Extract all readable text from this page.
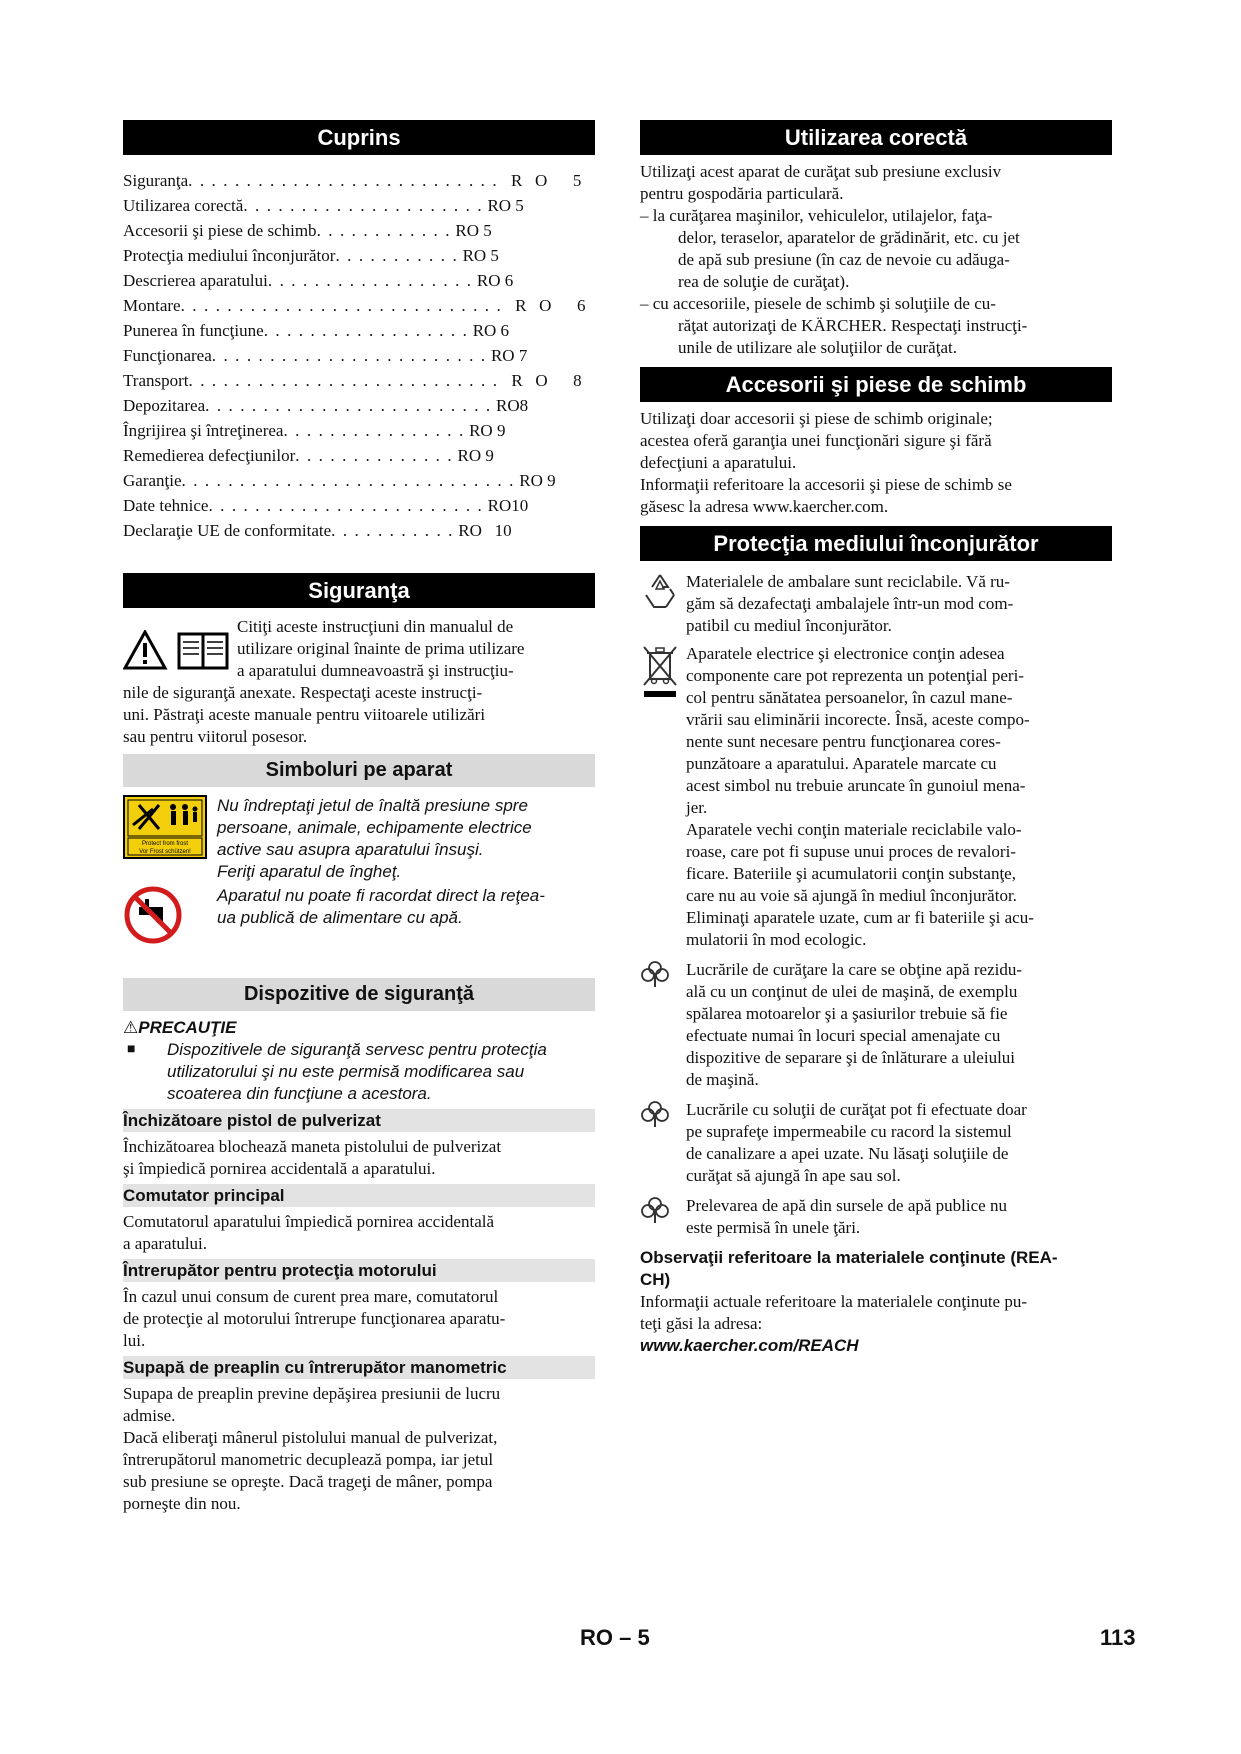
Cuprins
Siguranţa . . . . . . . . . . . . . . . . . . . . . . . . . . . R   O      5
Utilizarea corectă . . . . . . . . . . . . . . . . . . . . . RO 5
Accesorii şi piese de schimb . . . . . . . . . . . . RO 5
Protecţia mediului înconjurător . . . . . . . . . . . RO 5
Descrierea aparatului . . . . . . . . . . . . . . . . . . RO 6
Montare . . . . . . . . . . . . . . . . . . . . . . . . . . . . R   O      6
Punerea în funcţiune . . . . . . . . . . . . . . . . . . RO 6
Funcţionarea . . . . . . . . . . . . . . . . . . . . . . . . RO 7
Transport . . . . . . . . . . . . . . . . . . . . . . . . . . . R   O      8
Depozitarea . . . . . . . . . . . . . . . . . . . . . . . . . RO8
Îngrijirea şi întreţinerea . . . . . . . . . . . . . . . . RO 9
Remedierea defecţiunilor . . . . . . . . . . . . . . RO 9
Garanţie . . . . . . . . . . . . . . . . . . . . . . . . . . . . . RO 9
Date tehnice . . . . . . . . . . . . . . . . . . . . . . . . RO10
Declaraţie UE de conformitate . . . . . . . . . . . RO   10
Siguranţa

Citiţi aceste instrucţiuni din manualul de

utilizare original înainte de prima utilizare

a aparatului dumneavoastră şi instrucţiu-

nile de siguranţă anexate. Respectaţi aceste instrucţi-

uni. Păstraţi aceste manuale pentru viitoarele utilizări

sau pentru viitorul posesor.

Simboluri pe aparat
Protect from frost
Vor Frost schützen!
Nu îndreptaţi jetul de înaltă presiune spre
persoane, animale, echipamente electrice
active sau asupra aparatului însuşi.
Feriţi aparatul de îngheţ.
Aparatul nu poate fi racordat direct la reţea-
ua publică de alimentare cu apă.
Dispozitive de siguranţă
⚠PRECAUŢIE
■	Dispozitivele de siguranţă servesc pentru protecţia
utilizatorului şi nu este permisă modificarea sau
scoaterea din funcţiune a acestora.
Închizătoare pistol de pulverizat

Închizătoarea blochează maneta pistolului de pulverizat

şi împiedică pornirea accidentală a aparatului.

Comutator principal

Comutatorul aparatului împiedică pornirea accidentală

a aparatului.

Întrerupător pentru protecţia motorului

În cazul unui consum de curent prea mare, comutatorul

de protecţie al motorului întrerupe funcţionarea aparatu-

lui.

Supapă de preaplin cu întrerupător manometric

Supapa de preaplin previne depăşirea presiunii de lucru

admise.

Dacă eliberaţi mânerul pistolului manual de pulverizat,

întrerupătorul manometric decuplează pompa, iar jetul

sub presiune se opreşte. Dacă trageţi de mâner, pompa

porneşte din nou.

Utilizarea corectă

Utilizaţi acest aparat de curăţat sub presiune exclusiv

pentru gospodăria particulară.

– la curăţarea maşinilor, vehiculelor, utilajelor, faţa-

delor, teraselor, aparatelor de grădinărit, etc. cu jet

de apă sub presiune (în caz de nevoie cu adăuga-

rea de soluţie de curăţat).

– cu accesoriile, piesele de schimb şi soluţiile de cu-

răţat autorizaţi de KÄRCHER. Respectaţi instrucţi-

unile de utilizare ale soluţiilor de curăţat.

Accesorii şi piese de schimb

Utilizaţi doar accesorii şi piese de schimb originale;

acestea oferă garanţia unei funcţionări sigure şi fără

defecţiuni a aparatului.

Informaţii referitoare la accesorii şi piese de schimb se

găsesc la adresa www.kaercher.com.

Protecţia mediului înconjurător

Materialele de ambalare sunt reciclabile. Vă ru-

găm să dezafectaţi ambalajele într-un mod com-

patibil cu mediul înconjurător.

Aparatele electrice şi electronice conţin adesea

componente care pot reprezenta un potenţial peri-

col pentru sănătatea persoanelor, în cazul mane-

vrării sau eliminării incorecte. Însă, aceste compo-

nente sunt necesare pentru funcţionarea cores-

punzătoare a aparatului. Aparatele marcate cu

acest simbol nu trebuie aruncate în gunoiul mena-

jer.

Aparatele vechi conţin materiale reciclabile valo-

roase, care pot fi supuse unui proces de revalori-

ficare. Bateriile şi acumulatorii conţin substanţe,

care nu au voie să ajungă în mediul înconjurător.

Eliminaţi aparatele uzate, cum ar fi bateriile şi acu-

mulatorii în mod ecologic.

Lucrările de curăţare la care se obţine apă rezidu-

ală cu un conţinut de ulei de maşină, de exemplu

spălarea motoarelor şi a şasiurilor trebuie să fie

efectuate numai în locuri special amenajate cu

dispozitive de separare şi de înlăturare a uleiului

de maşină.

Lucrările cu soluţii de curăţat pot fi efectuate doar

pe suprafeţe impermeabile cu racord la sistemul

de canalizare a apei uzate. Nu lăsaţi soluţiile de

curăţat să ajungă în ape sau sol.

Prelevarea de apă din sursele de apă publice nu

este permisă în unele ţări.

Observaţii referitoare la materialele conţinute (REA-
CH)

Informaţii actuale referitoare la materialele conţinute pu-

teţi găsi la adresa:

www.kaercher.com/REACH
RO – 5	113
